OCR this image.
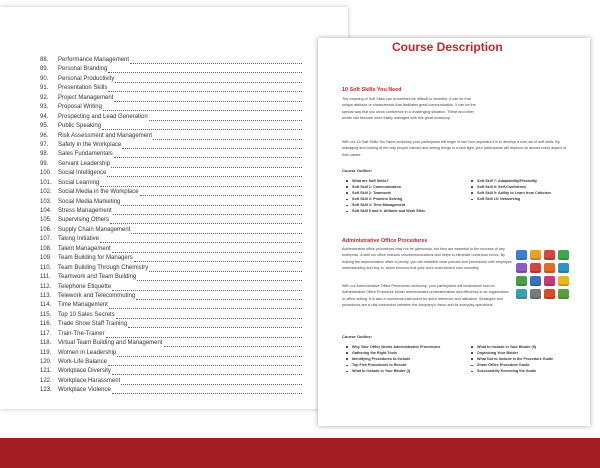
88.	Performance Management
89.	Personal Branding
90.	Personal Productivity
91.	Presentation Skills
92.	Project Management
93.	Proposal Writing
94.	Prospecting and Lead Generation
95.	Public Speaking
96.	Risk Assessment and Management
97.	Safety in the Workplace
98.	Sales Fundamentals
99.	Servant Leadership
100.	Social Intelligence
101.	Social Learning
102.	Social Media in the Workplace
103.	Social Media Marketing
104.	Stress Management
105.	Supervising Others
106.	Supply Chain Management
107.	Taking Initiative
108.	Talent Management
109.	Team Building for Managers
110.	Team Building Through Chemistry
111.	Teamwork and Team Building
112.	Telephone Etiquette
113.	Telework and Telecommuting
114.	Time Management
115.	Top 10 Sales Secrets
116.	Trade Show Staff Training
117.	Train-The-Trainer
118.	Virtual Team Building and Management
119.	Women in Leadership
120.	Work-Life Balance
121.	Workplace Diversity
122.	Workplace Harassment
123.	Workplace Violence
Course Description
10 Soft Skills You Need
The meaning of Soft Skills can sometimes be difficult to describe. It can be that unique attribute or characteristic that facilitates great communication. It can be the special way that you show confidence in a challenging situation. These and other words can become more easily managed with this great workshop.
With our 10 Soft Skills You Need workshop your participants will begin to see how important it is to develop a core set of soft skills. By managing and looking at the way people interact and seeing things in a new light, your participants will improve on almost every aspect of their career.
Course Outline:
What are Soft Skills?
Soft Skill 1: Communication
Soft Skill 2: Teamwork
Soft Skill 3: Problem Solving
Soft Skill 4: Time Management
Soft Skill 5 and 6: Attitude and Work Ethic
Soft Skill 7: Adaptability/Flexibility
Soft Skill 8: Self-Confidence
Soft Skill 9: Ability to Learn from Criticism
Soft Skill 10: Networking
Administrative Office Procedures
Administrative office procedures may not be glamorous, but they are essential to the success of any enterprise. A well run office reduces miscommunications and helps to eliminate numerous errors. By making the administrative office a priority, you will establish clear policies and procedures with employee understanding and buy-in, which ensures that your work environment runs smoothly.
With our Administrative Office Procedures workshop, your participants will understand how an Administrative Office Procedure binder demonstrates professionalism and efficiency in an organization or office setting. It is also a marvelous instrument for quick reference and utilization. Strategies and procedures are a vital connection between the company's vision and its everyday operations.
Course Outline:
Why Your Office Needs Administrative Procedures
Gathering the Right Tools
Identifying Procedures to Include
Top Five Procedures to Record
What to Include in Your Binder (I)
What to Include in Your Binder (II)
Organizing Your Binder
What Not to Include in the Procedure Guide
Share Office Procedure Guide
Successfully Executing the Guide
